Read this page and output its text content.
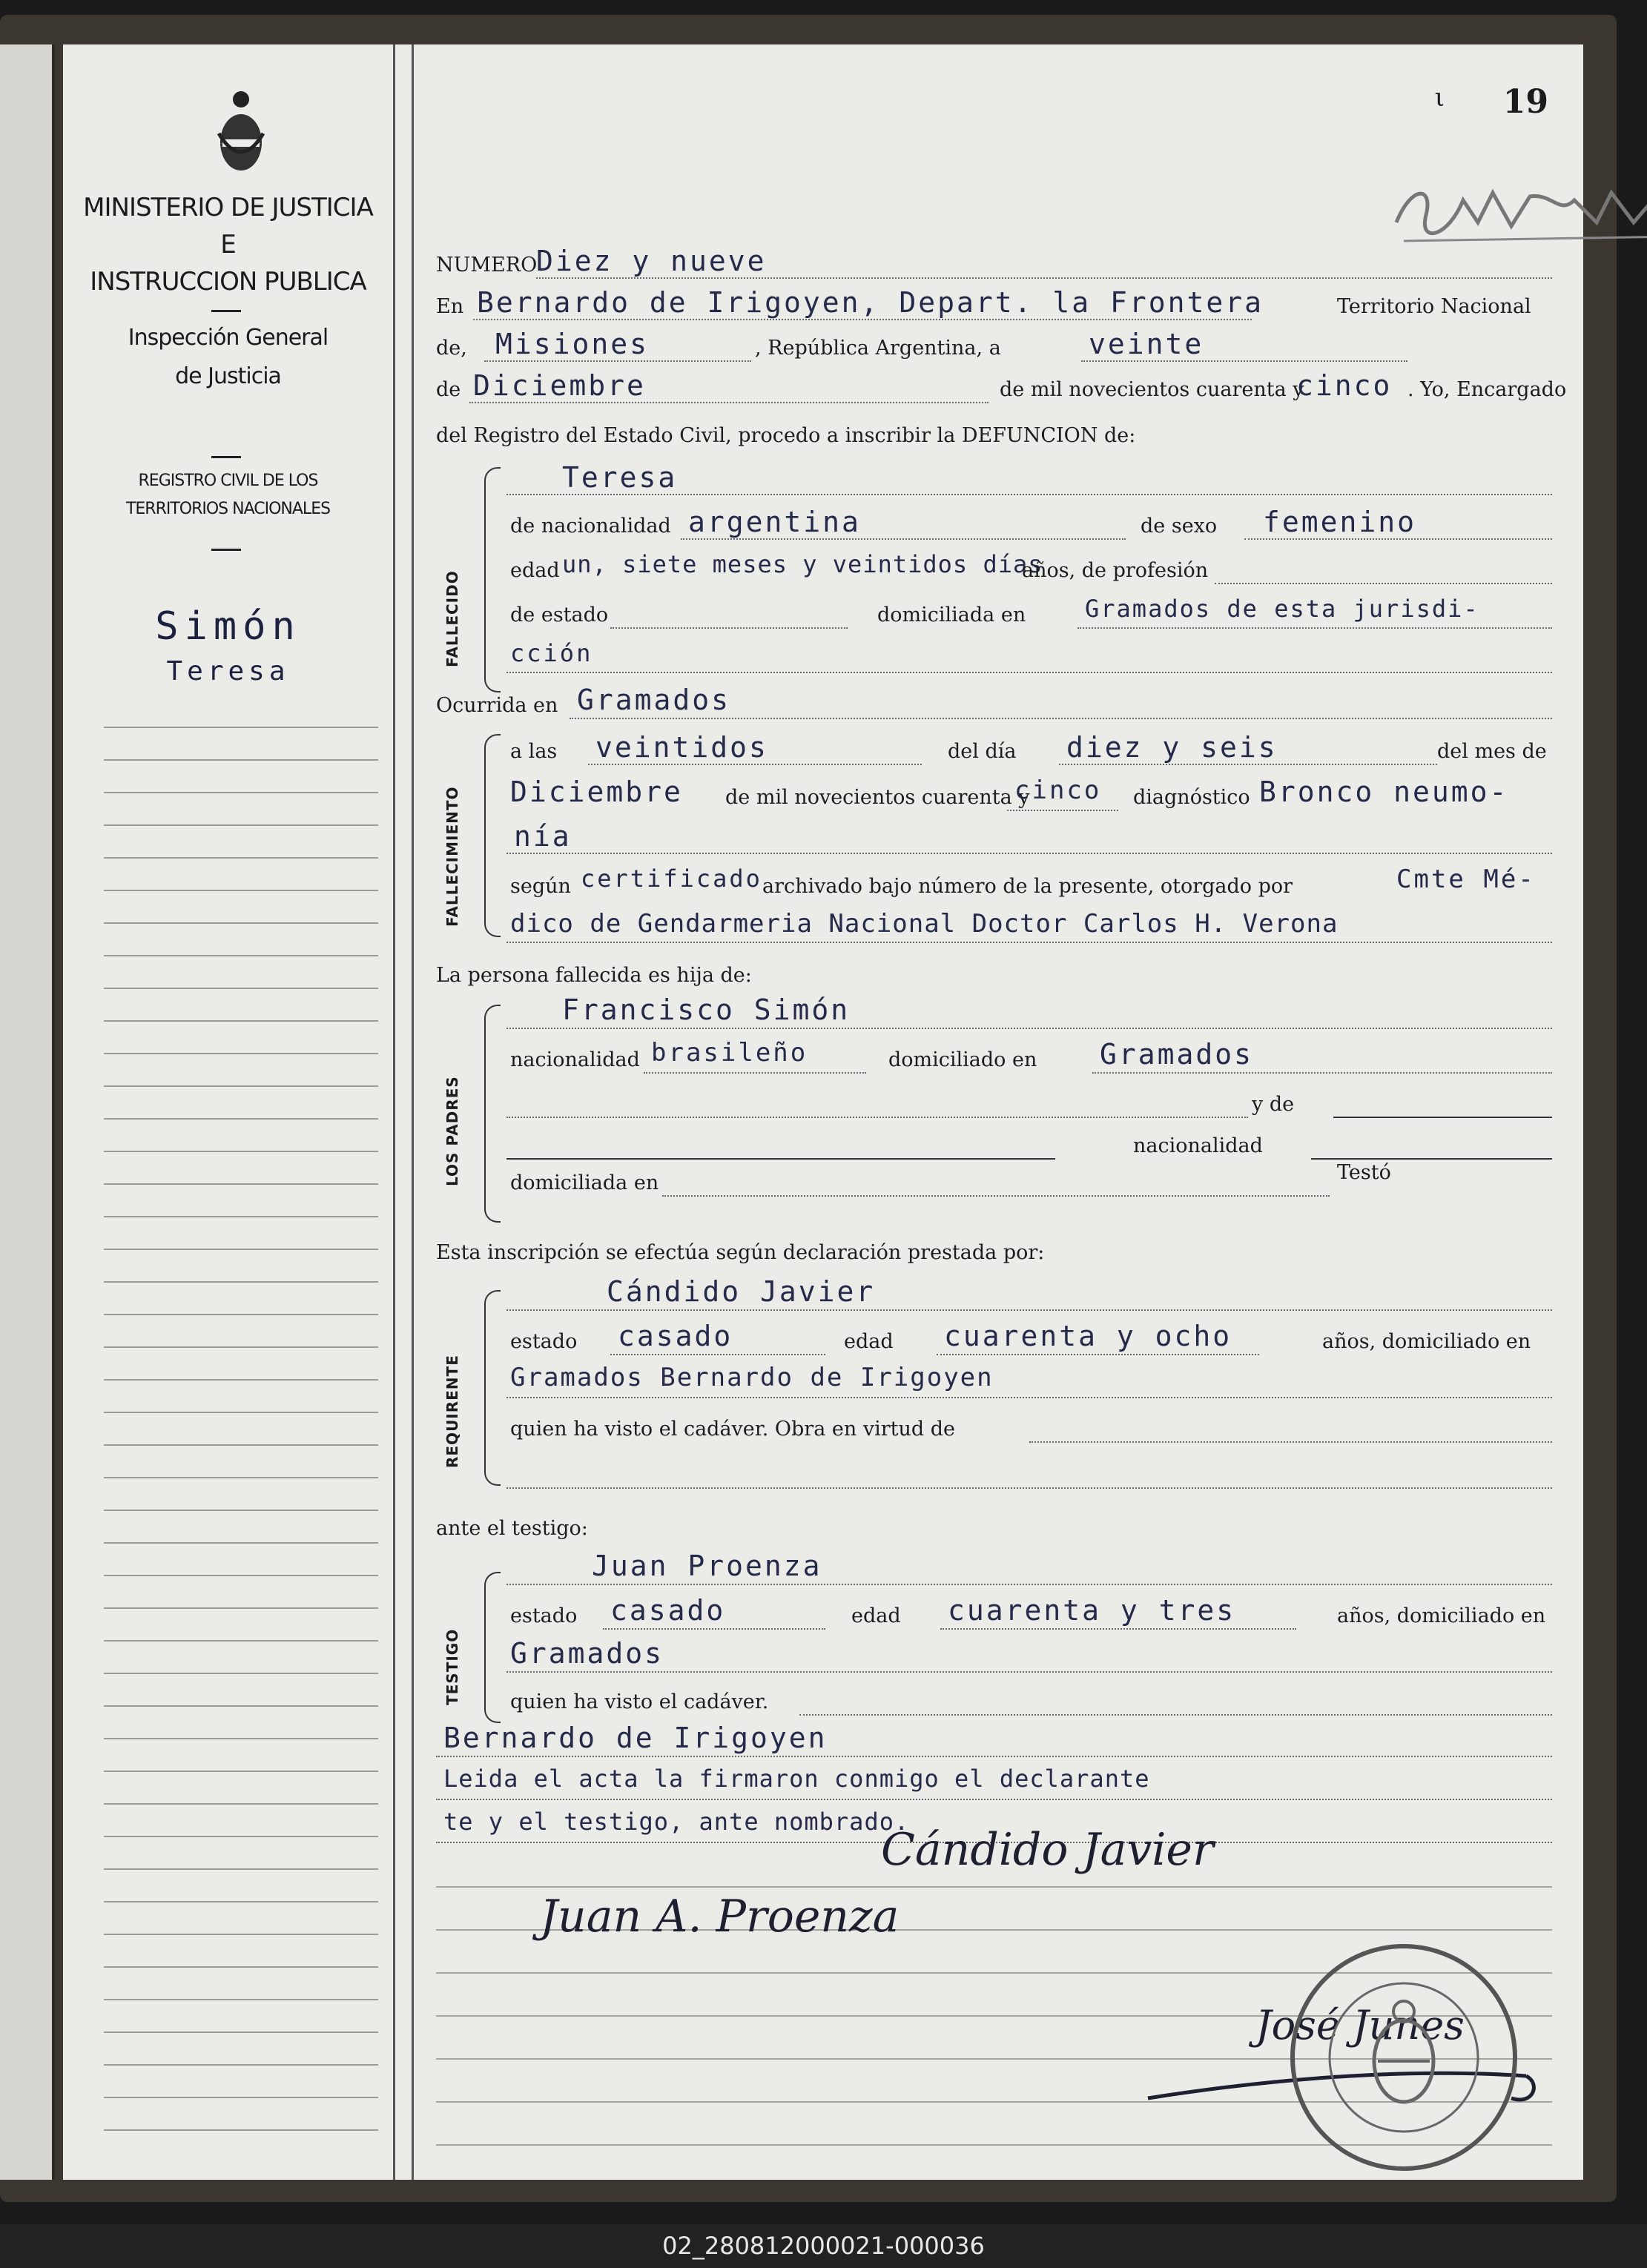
MINISTERIO DE JUSTICIA
E
INSTRUCCION PUBLICA
Inspección General
de Justicia
REGISTRO CIVIL DE LOS
TERRITORIOS NACIONALES
Simón
Teresa
ι 19
NUMERO
Diez y nueve
En Bernardo de Irigoyen, Depart. la Frontera	Territorio Nacional
de, Misiones	, República Argentina, a	veinte
de Diciembre	de mil novecientos cuarenta y
cinco . Yo, Encargado
del Registro del Estado Civil, procedo a inscribir la DEFUNCION de:
FALLECIDO
Teresa
de nacionalidad argentina	de sexo femenino
edad un, siete meses y veintidos días
años, de profesión
de estado	domiciliada en Gramados de esta jurisdi-
cción
Ocurrida en Gramados
FALLECIMIENTO
a las veintidos	del día diez y seis	del mes de
Diciembre de mil novecientos cuarenta y
cinco diagnóstico Bronco neumo-
nía
según certificado archivado bajo número de la presente, otorgado por	Cmte Mé-
dico de Gendarmeria Nacional Doctor Carlos H. Verona
La persona fallecida es hija de:
LOS PADRES
Francisco Simón
nacionalidad brasileño	domiciliado en Gramados
y de
nacionalidad
domiciliada en	Testó
Esta inscripción se efectúa según declaración prestada por:
REQUIRENTE
Cándido Javier
estado casado	edad cuarenta y ocho	años, domiciliado en
Gramados Bernardo de Irigoyen
quien ha visto el cadáver. Obra en virtud de
ante el testigo:
TESTIGO
Juan Proenza
estado casado	edad cuarenta y tres	años, domiciliado en
Gramados
quien ha visto el cadáver.
Bernardo de Irigoyen
Leida el acta la firmaron conmigo el declarante
te y el testigo, ante nombrado.
Cándido Javier
Juan A. Proenza
José Junes
02_280812000021-000036
